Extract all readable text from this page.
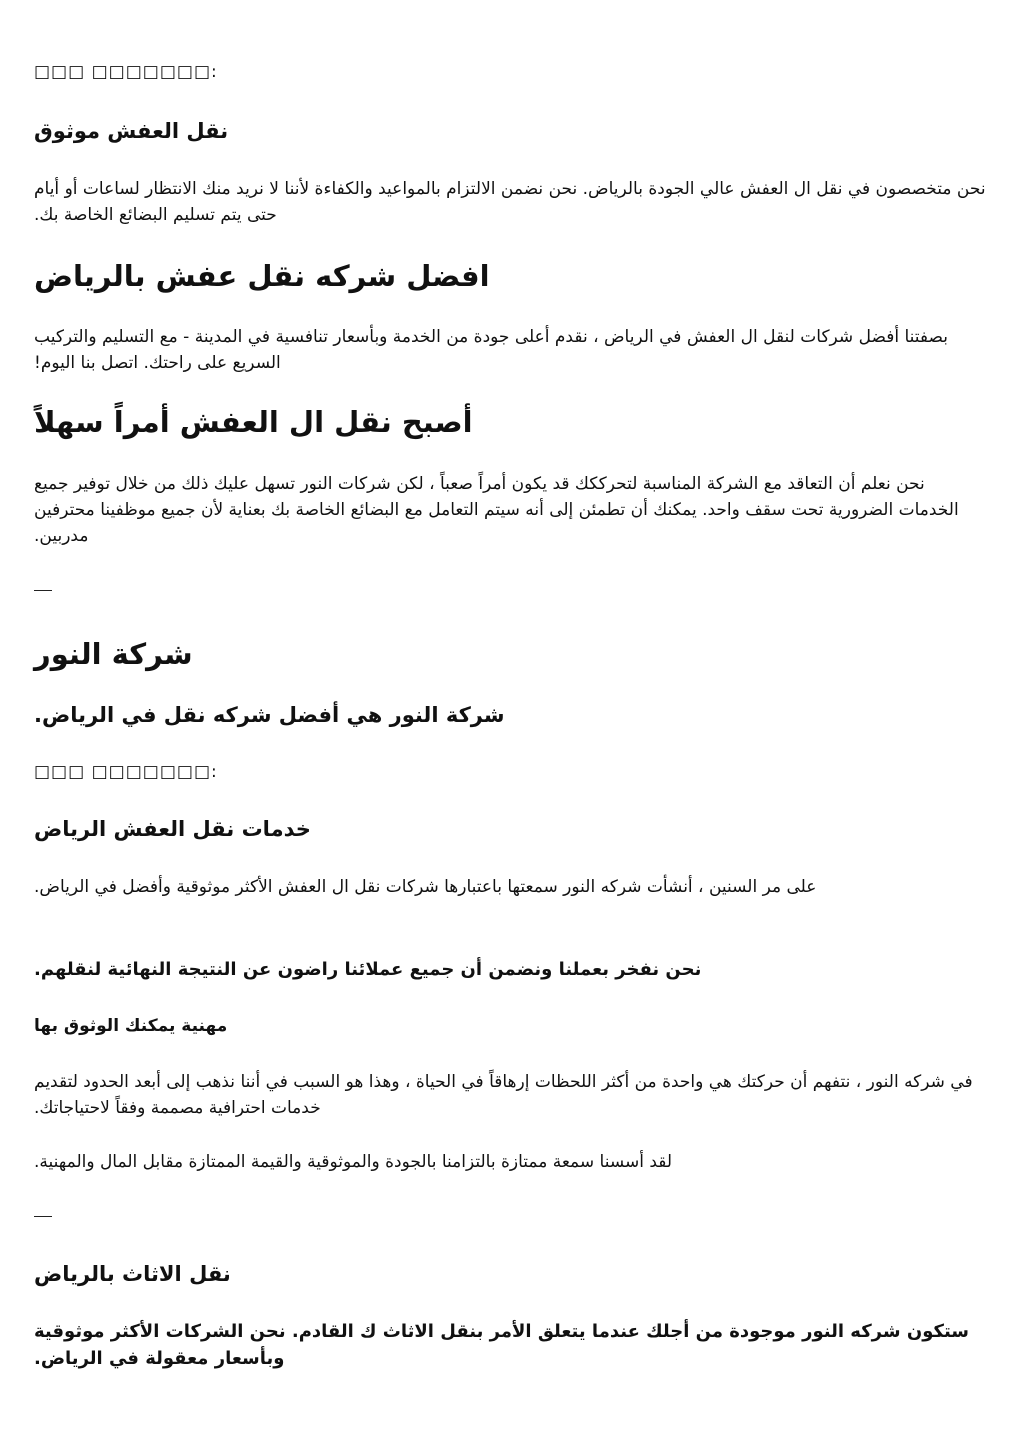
□□□ □□□□□□□:

نقل العفش موثوق

نحن متخصصون في نقل ال العفش عالي الجودة بالرياض. نحن نضمن الالتزام بالمواعيد والكفاءة لأننا لا نريد منك الانتظار لساعات أو أيام حتى يتم تسليم البضائع الخاصة بك.

افضل شركه نقل عفش بالرياض

بصفتنا أفضل شركات لنقل ال العفش في الرياض ، نقدم أعلى جودة من الخدمة وبأسعار تنافسية في المدينة - مع التسليم والتركيب السريع على راحتك. اتصل بنا اليوم!

أصبح نقل ال العفش أمراً سهلاً

نحن نعلم أن التعاقد مع الشركة المناسبة لتحرككك قد يكون أمراً صعباً ، لكن شركات النور تسهل عليك ذلك من خلال توفير جميع الخدمات الضرورية تحت سقف واحد. يمكنك أن تطمئن إلى أنه سيتم التعامل مع البضائع الخاصة بك بعناية لأن جميع موظفينا محترفين مدربين.

شركة النور
شركة النور هي أفضل شركه نقل في الرياض.

□□□ □□□□□□□:

خدمات نقل العفش الرياض

على مر السنين ، أنشأت شركه النور سمعتها باعتبارها شركات نقل ال العفش الأكثر موثوقية وأفضل في الرياض.

نحن نفخر بعملنا ونضمن أن جميع عملائنا راضون عن النتيجة النهائية لنقلهم.

مهنية يمكنك الوثوق بها

في شركه النور ، نتفهم أن حركتك هي واحدة من أكثر اللحظات إرهاقاً في الحياة ، وهذا هو السبب في أننا نذهب إلى أبعد الحدود لتقديم خدمات احترافية مصممة وفقاً لاحتياجاتك.

لقد أسسنا سمعة ممتازة بالتزامنا بالجودة والموثوقية والقيمة الممتازة مقابل المال والمهنية.

نقل الاثاث بالرياض

ستكون شركه النور موجودة من أجلك عندما يتعلق الأمر بنقل الاثاث ك القادم. نحن الشركات الأكثر موثوقية وبأسعار معقولة في الرياض.
